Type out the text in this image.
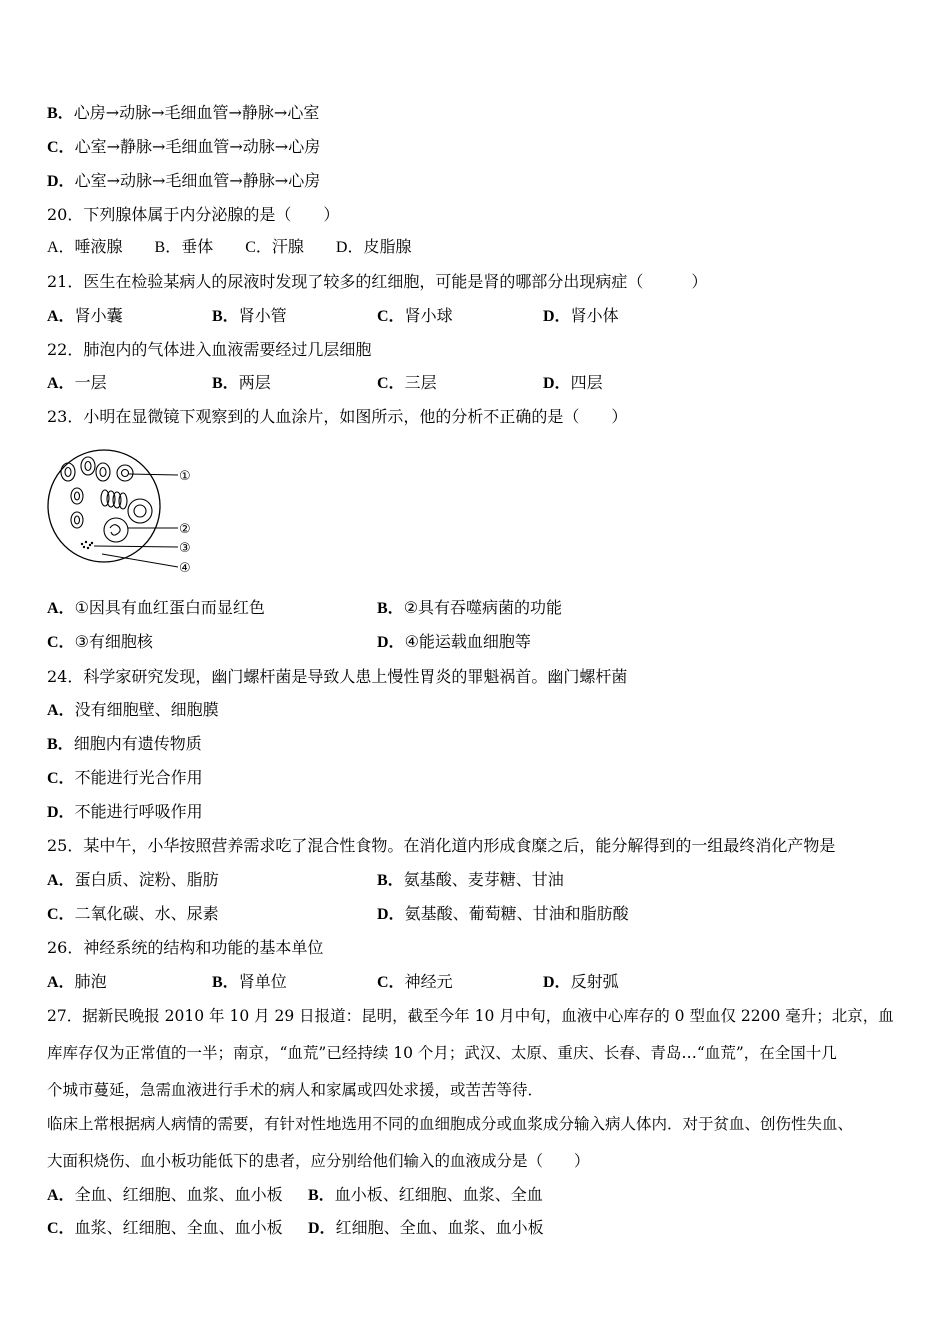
B．心房→动脉→毛细血管→静脉→心室
C．心室→静脉→毛细血管→动脉→心房
D．心室→动脉→毛细血管→静脉→心房
20．下列腺体属于内分泌腺的是（　　）
A．唾液腺　　B．垂体　　C．汗腺　　D．皮脂腺
21．医生在检验某病人的尿液时发现了较多的红细胞，可能是肾的哪部分出现病症（　　　）
A．肾小囊	B．肾小管	C．肾小球	D．肾小体
22．肺泡内的气体进入血液需要经过几层细胞
A．一层	B．两层	C．三层	D．四层
23．小明在显微镜下观察到的人血涂片，如图所示，他的分析不正确的是（　　）
①
②
③
④
A．①因具有血红蛋白而显红色	B．②具有吞噬病菌的功能
C．③有细胞核	D．④能运载血细胞等
24．科学家研究发现，幽门螺杆菌是导致人患上慢性胃炎的罪魁祸首。幽门螺杆菌
A．没有细胞壁、细胞膜
B．细胞内有遗传物质
C．不能进行光合作用
D．不能进行呼吸作用
25．某中午，小华按照营养需求吃了混合性食物。在消化道内形成食糜之后，能分解得到的一组最终消化产物是
A．蛋白质、淀粉、脂肪	B．氨基酸、麦芽糖、甘油
C．二氧化碳、水、尿素	D．氨基酸、葡萄糖、甘油和脂肪酸
26．神经系统的结构和功能的基本单位
A．肺泡	B．肾单位	C．神经元	D．反射弧
27．据新民晚报 2010 年 10 月 29 日报道：昆明，截至今年 10 月中旬，血液中心库存的 0 型血仅 2200 毫升；北京，血
库库存仅为正常值的一半；南京，“血荒”已经持续 10 个月；武汉、太原、重庆、长春、青岛…“血荒”，在全国十几
个城市蔓延，急需血液进行手术的病人和家属或四处求援，或苦苦等待．
临床上常根据病人病情的需要，有针对性地选用不同的血细胞成分或血浆成分输入病人体内．对于贫血、创伤性失血、
大面积烧伤、血小板功能低下的患者，应分别给他们输入的血液成分是（　　）
A．全血、红细胞、血浆、血小板 B．血小板、红细胞、血浆、全血
C．血浆、红细胞、全血、血小板 D．红细胞、全血、血浆、血小板
